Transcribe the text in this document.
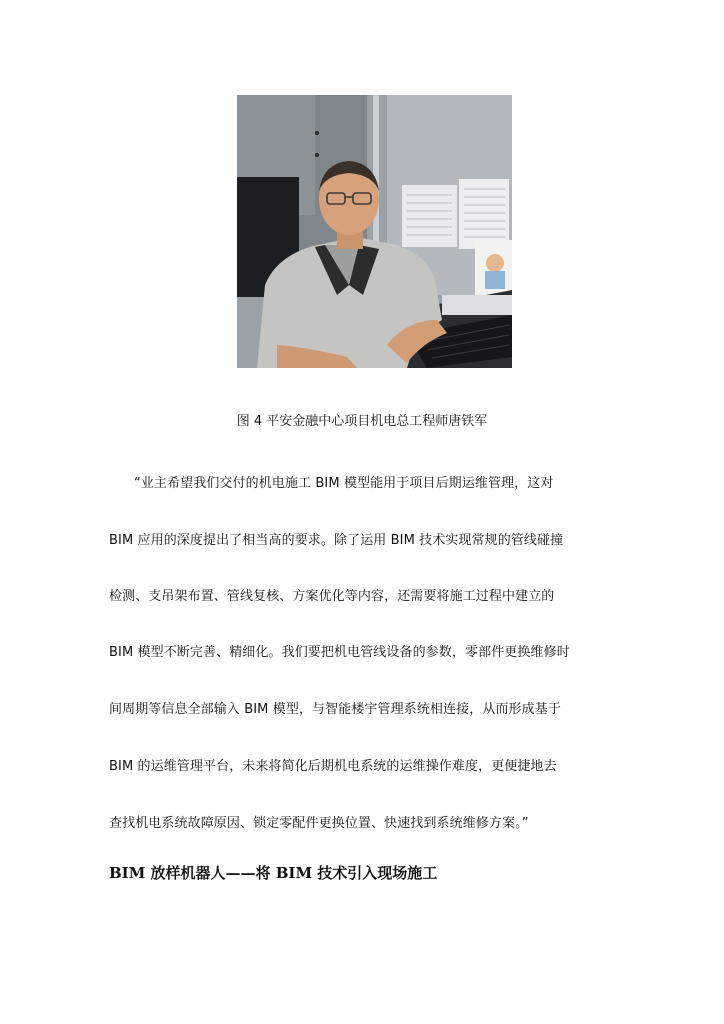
图 4 平安金融中心项目机电总工程师唐铁军
“业主希望我们交付的机电施工 BIM 模型能用于项目后期运维管理，这对
BIM 应用的深度提出了相当高的要求。除了运用 BIM 技术实现常规的管线碰撞
检测、支吊架布置、管线复核、方案优化等内容，还需要将施工过程中建立的
BIM 模型不断完善、精细化。我们要把机电管线设备的参数，零部件更换维修时
间周期等信息全部输入 BIM 模型，与智能楼宇管理系统相连接，从而形成基于
BIM 的运维管理平台，未来将简化后期机电系统的运维操作难度，更便捷地去
查找机电系统故障原因、锁定零配件更换位置、快速找到系统维修方案。”
BIM 放样机器人——将 BIM 技术引入现场施工
